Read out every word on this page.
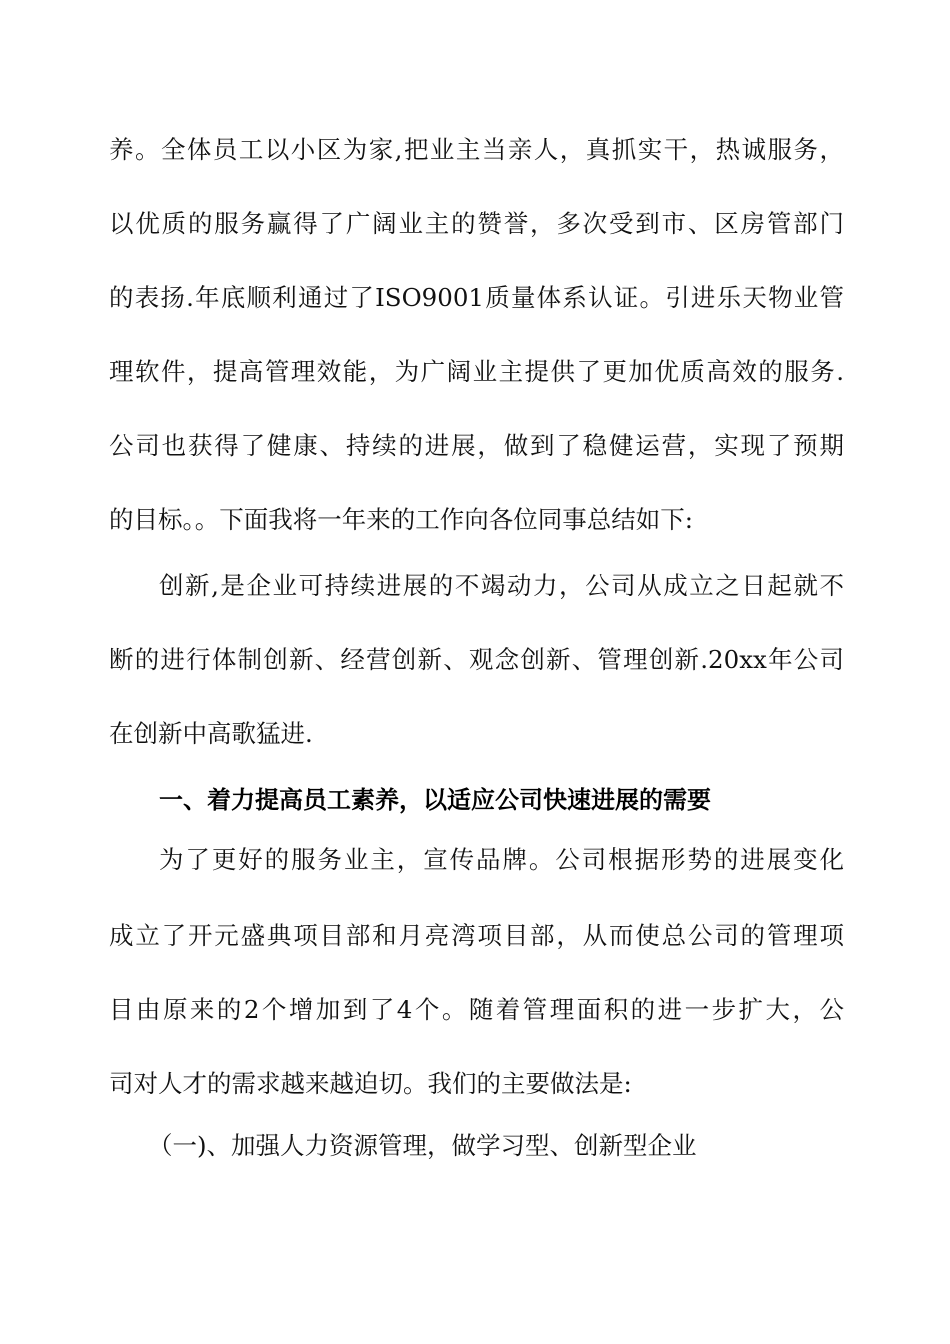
养。全体员工以小区为家,把业主当亲人，真抓实干，热诚服务，
以优质的服务赢得了广阔业主的赞誉，多次受到市、区房管部门
的表扬.年底顺利通过了ISO9001质量体系认证。引进乐天物业管
理软件，提高管理效能，为广阔业主提供了更加优质高效的服务.
公司也获得了健康、持续的进展，做到了稳健运营，实现了预期
的目标。。下面我将一年来的工作向各位同事总结如下:
创新,是企业可持续进展的不竭动力，公司从成立之日起就不
断的进行体制创新、经营创新、观念创新、管理创新.20xx年公司
在创新中高歌猛进.
一、着力提高员工素养，以适应公司快速进展的需要
为了更好的服务业主，宣传品牌。公司根据形势的进展变化
成立了开元盛典项目部和月亮湾项目部，从而使总公司的管理项
目由原来的2个增加到了4个。随着管理面积的进一步扩大，公
司对人才的需求越来越迫切。我们的主要做法是:
（一)、加强人力资源管理，做学习型、创新型企业
